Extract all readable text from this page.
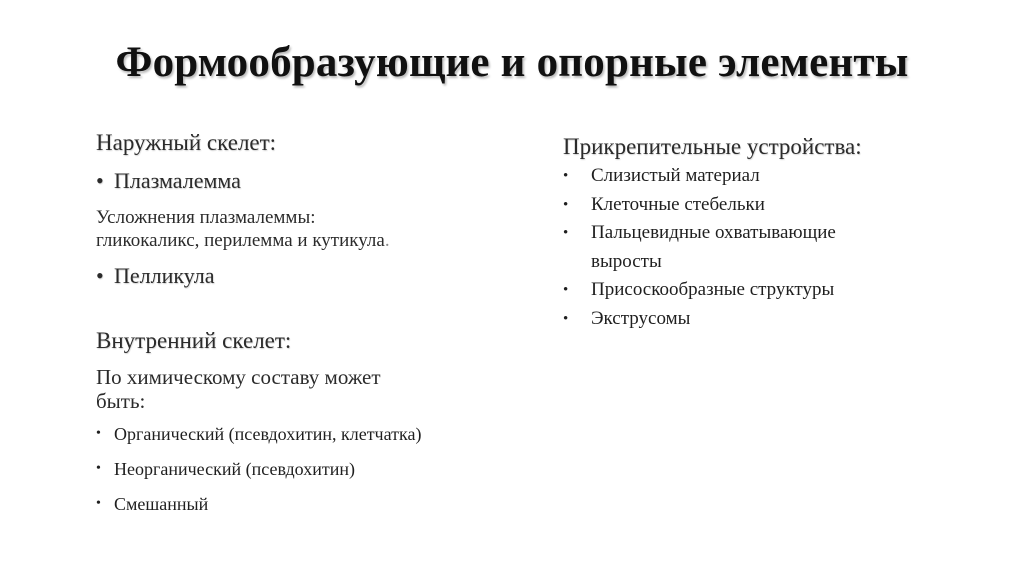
Формообразующие и опорные элементы
Наружный скелет:
• Плазмалемма
Усложнения плазмалеммы:
гликокаликс, перилемма и кутикула.
• Пелликула
Внутренний скелет:
По химическому составу может
быть:
• Органический (псевдохитин, клетчатка)
• Неорганический (псевдохитин)
• Смешанный
Прикрепительные устройства:
• Слизистый материал
• Клеточные стебельки
• Пальцевидные охватывающие выросты
• Присоскообразные структуры
• Экструсомы
